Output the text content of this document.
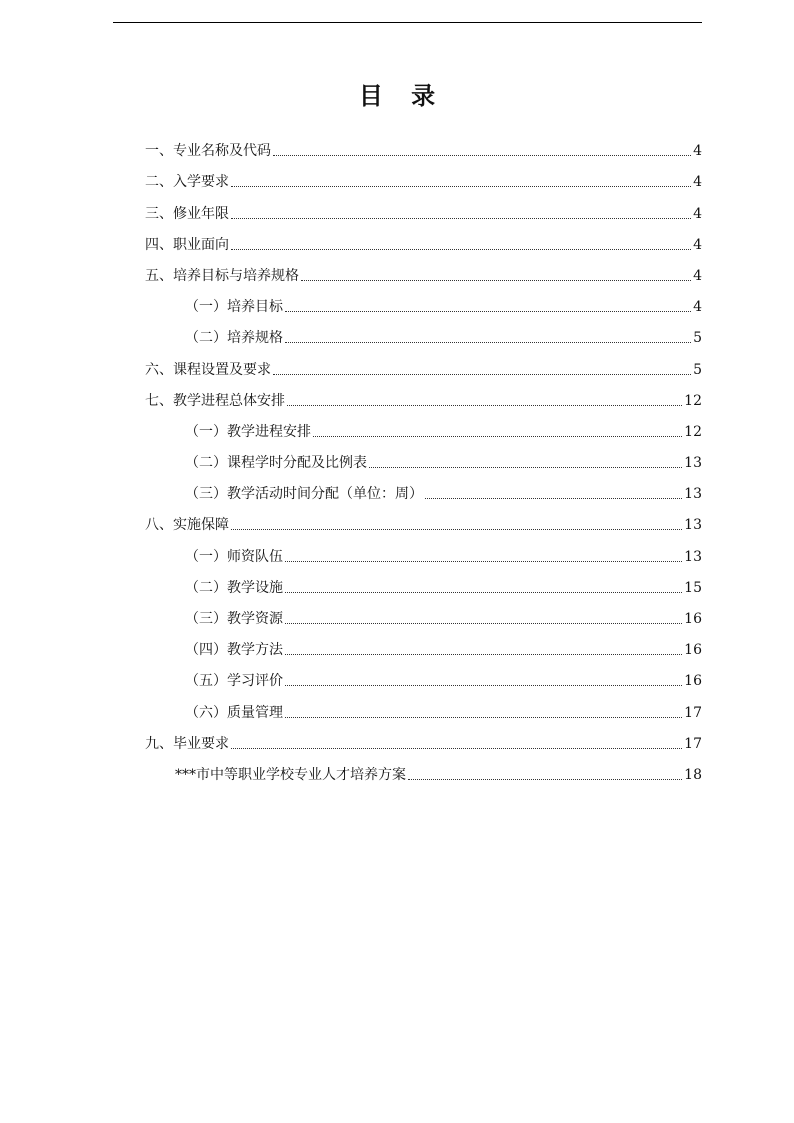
目 录
一、专业名称及代码	4
二、入学要求	4
三、修业年限	4
四、职业面向	4
五、培养目标与培养规格	4
（一）培养目标	4
（二）培养规格	5
六、课程设置及要求	5
七、教学进程总体安排	12
（一）教学进程安排	12
（二）课程学时分配及比例表	13
（三）教学活动时间分配（单位：周）	13
八、实施保障	13
（一）师资队伍	13
（二）教学设施	15
（三）教学资源	16
（四）教学方法	16
（五）学习评价	16
（六）质量管理	17
九、毕业要求	17
***市中等职业学校专业人才培养方案	18
